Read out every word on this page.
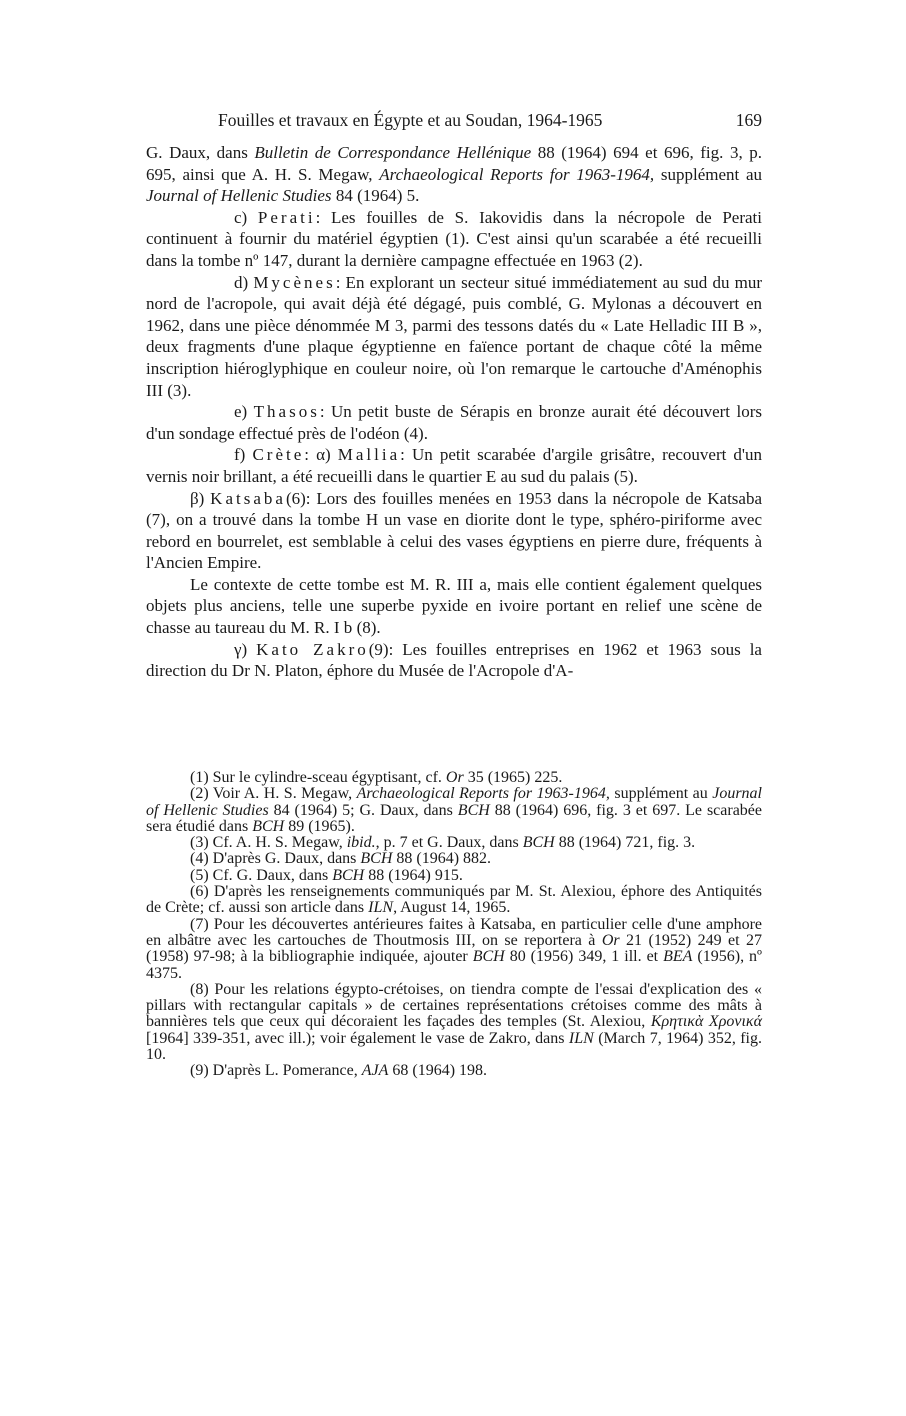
Fouilles et travaux en Égypte et au Soudan, 1964-1965	169

G. Daux, dans Bulletin de Correspondance Hellénique 88 (1964) 694 et 696, fig. 3, p. 695, ainsi que A. H. S. Megaw, Archaeological Reports for 1963-1964, supplément au Journal of Hellenic Studies 84 (1964) 5.

c) Perati: Les fouilles de S. Iakovidis dans la nécropole de Perati continuent à fournir du matériel égyptien (1). C'est ainsi qu'un scarabée a été recueilli dans la tombe nº 147, durant la dernière campagne effectuée en 1963 (2).

d) Mycènes: En explorant un secteur situé immédiatement au sud du mur nord de l'acropole, qui avait déjà été dégagé, puis comblé, G. Mylonas a découvert en 1962, dans une pièce dénommée M 3, parmi des tessons datés du « Late Helladic III B », deux fragments d'une plaque égyptienne en faïence portant de chaque côté la même inscription hiéroglyphique en couleur noire, où l'on remarque le cartouche d'Aménophis III (3).

e) Thasos: Un petit buste de Sérapis en bronze aurait été découvert lors d'un sondage effectué près de l'odéon (4).

f) Crète: α) Mallia: Un petit scarabée d'argile grisâtre, recouvert d'un vernis noir brillant, a été recueilli dans le quartier E au sud du palais (5).

β) Katsaba(6): Lors des fouilles menées en 1953 dans la nécropole de Katsaba (7), on a trouvé dans la tombe H un vase en diorite dont le type, sphéro-piriforme avec rebord en bourrelet, est semblable à celui des vases égyptiens en pierre dure, fréquents à l'Ancien Empire.

Le contexte de cette tombe est M. R. III a, mais elle contient également quelques objets plus anciens, telle une superbe pyxide en ivoire portant en relief une scène de chasse au taureau du M. R. I b (8).

γ) Kato Zakro(9): Les fouilles entreprises en 1962 et 1963 sous la direction du Dr N. Platon, éphore du Musée de l'Acropole d'A-

(1) Sur le cylindre-sceau égyptisant, cf. Or 35 (1965) 225.

(2) Voir A. H. S. Megaw, Archaeological Reports for 1963-1964, supplément au Journal of Hellenic Studies 84 (1964) 5; G. Daux, dans BCH 88 (1964) 696, fig. 3 et 697. Le scarabée sera étudié dans BCH 89 (1965).

(3) Cf. A. H. S. Megaw, ibid., p. 7 et G. Daux, dans BCH 88 (1964) 721, fig. 3.

(4) D'après G. Daux, dans BCH 88 (1964) 882.

(5) Cf. G. Daux, dans BCH 88 (1964) 915.

(6) D'après les renseignements communiqués par M. St. Alexiou, éphore des Antiquités de Crète; cf. aussi son article dans ILN, August 14, 1965.

(7) Pour les découvertes antérieures faites à Katsaba, en particulier celle d'une amphore en albâtre avec les cartouches de Thoutmosis III, on se reportera à Or 21 (1952) 249 et 27 (1958) 97-98; à la bibliographie indiquée, ajouter BCH 80 (1956) 349, 1 ill. et BEA (1956), nº 4375.

(8) Pour les relations égypto-crétoises, on tiendra compte de l'essai d'explication des « pillars with rectangular capitals » de certaines représentations crétoises comme des mâts à bannières tels que ceux qui décoraient les façades des temples (St. Alexiou, Κρητικὰ Χρονικά [1964] 339-351, avec ill.); voir également le vase de Zakro, dans ILN (March 7, 1964) 352, fig. 10.

(9) D'après L. Pomerance, AJA 68 (1964) 198.
